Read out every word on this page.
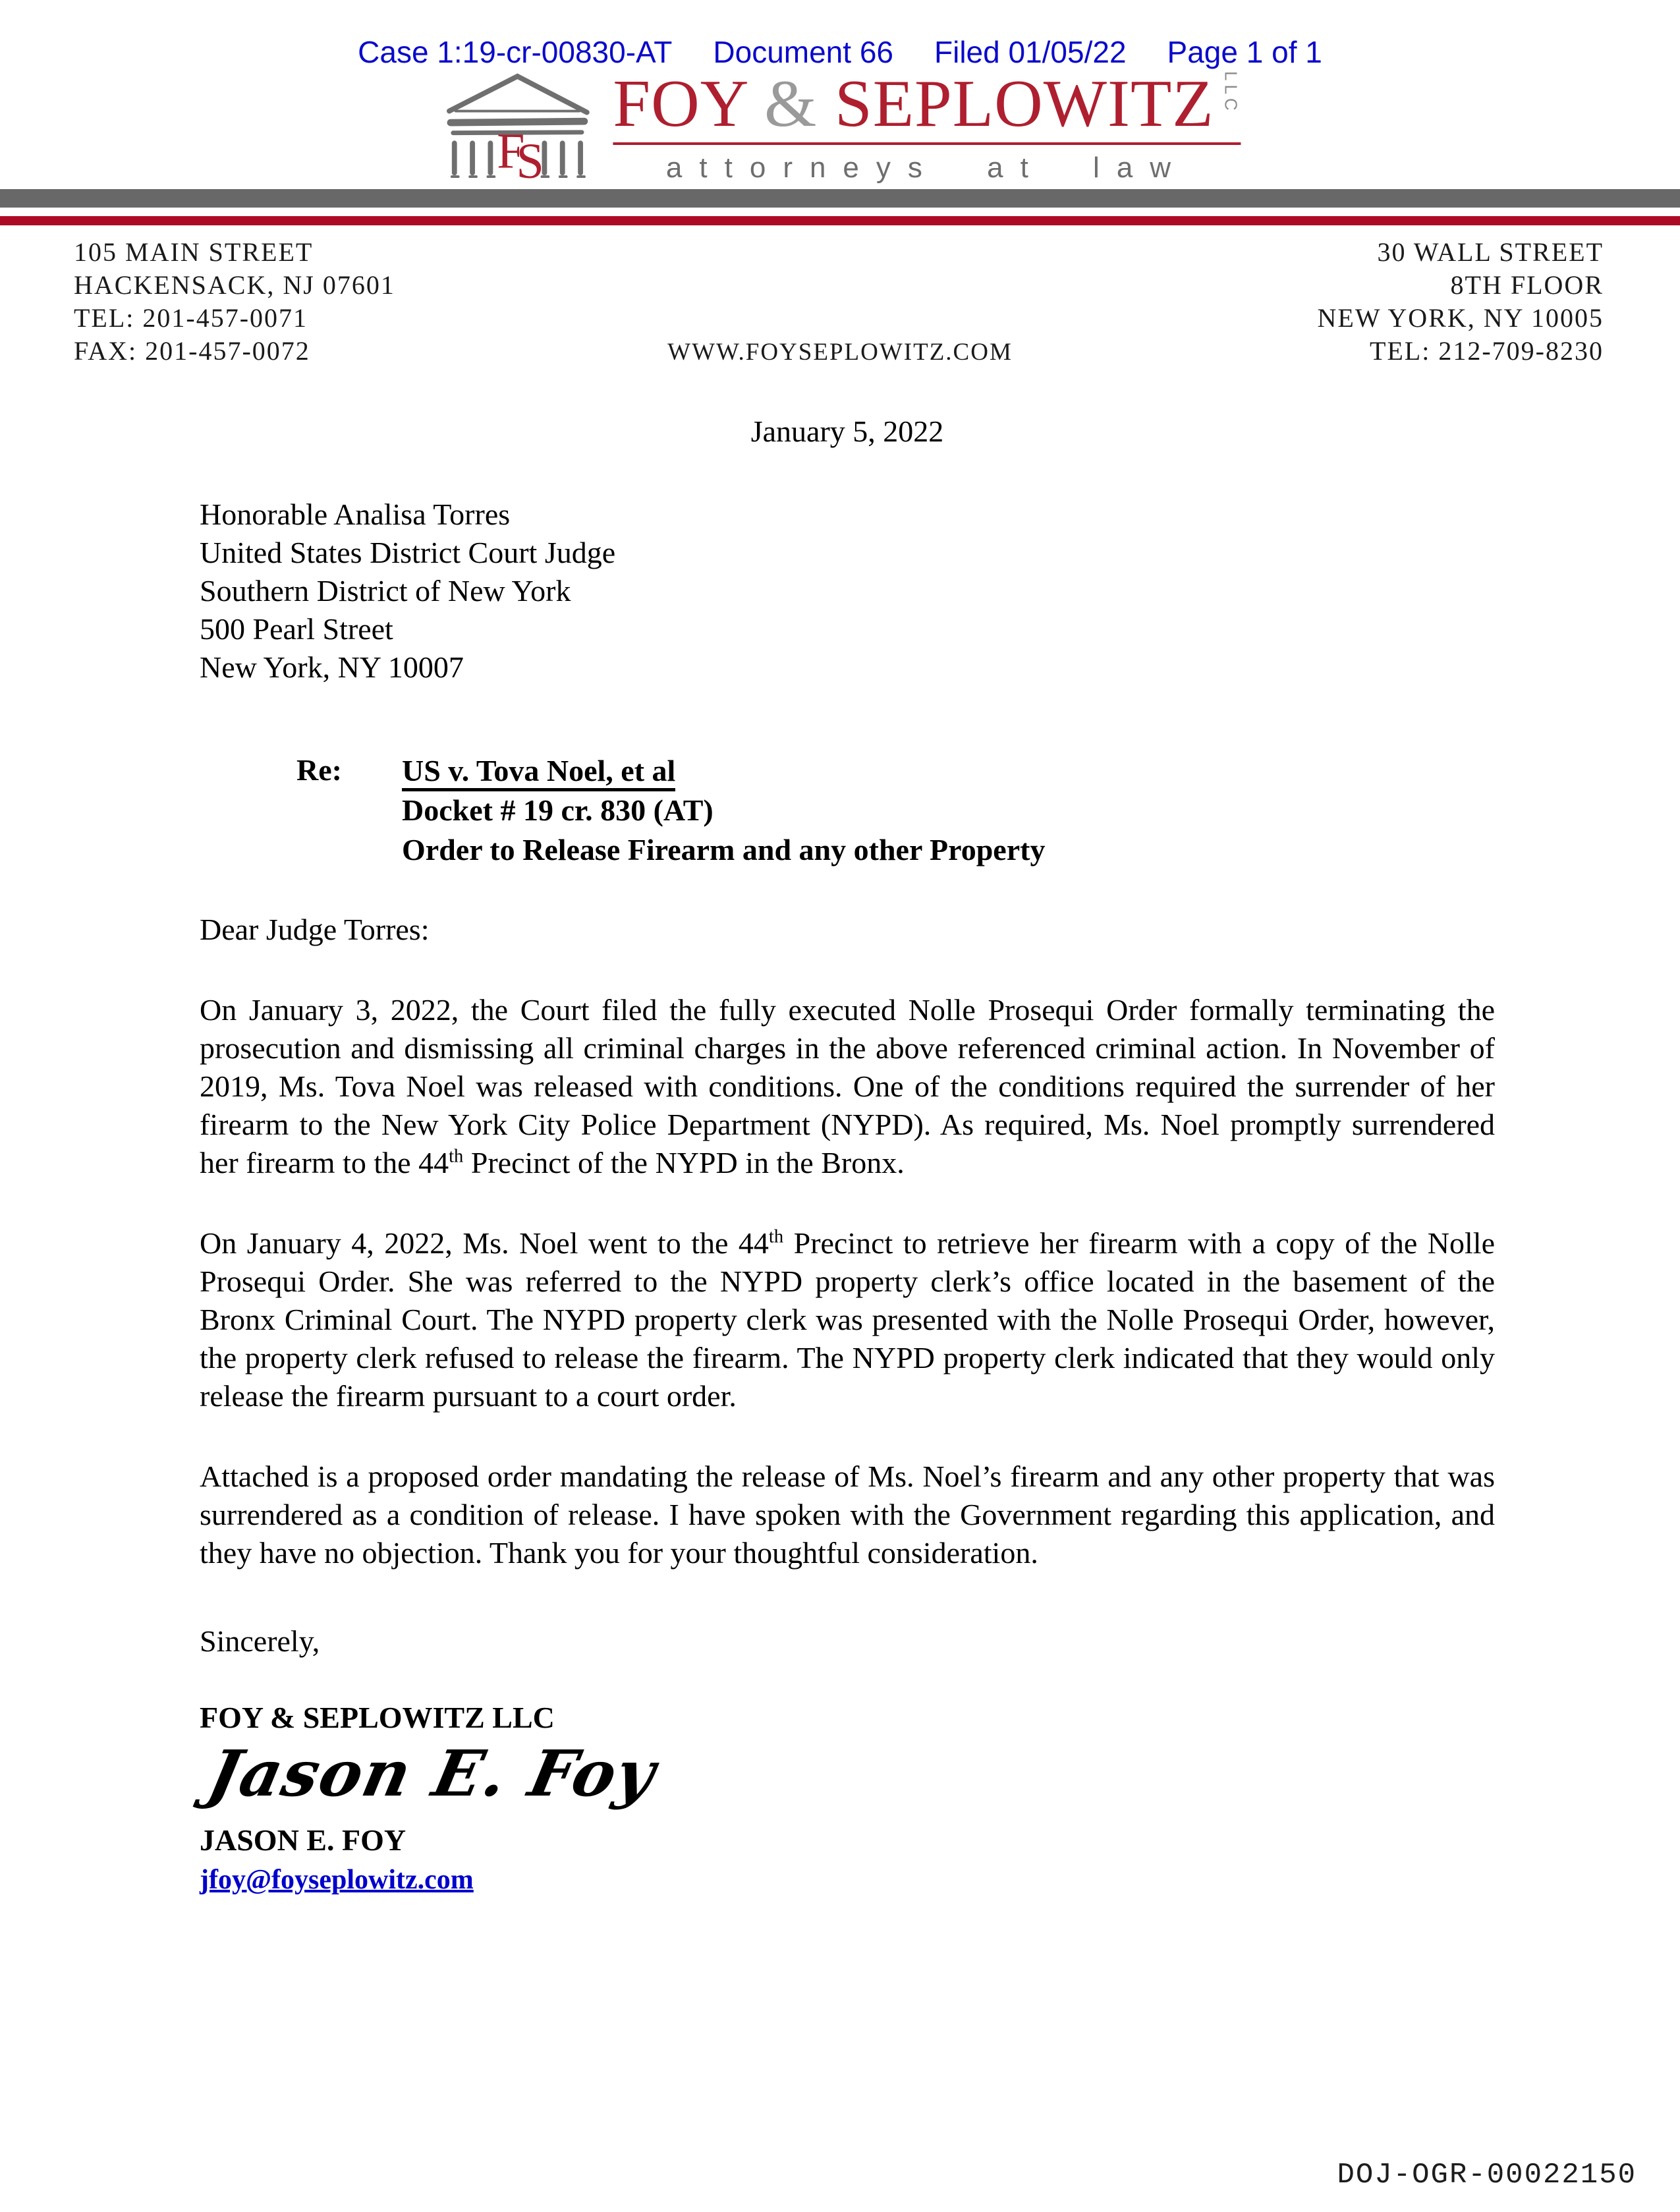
Case 1:19-cr-00830-AT Document 66 Filed 01/05/22 Page 1 of 1
F
S
FOY & SEPLOWITZ LLC
attorneys at law
105 MAIN STREET
HACKENSACK, NJ 07601
TEL: 201-457-0071
FAX: 201-457-0072	WWW.FOYSEPLOWITZ.COM
30 WALL STREET
8TH FLOOR
NEW YORK, NY 10005
TEL: 212-709-8230
January 5, 2022
Honorable Analisa Torres
United States District Court Judge
Southern District of New York
500 Pearl Street
New York, NY 10007
Re:	US v. Tova Noel, et al
Docket # 19 cr. 830 (AT)
Order to Release Firearm and any other Property
Dear Judge Torres:
On January 3, 2022, the Court filed the fully executed Nolle Prosequi Order formally terminating the prosecution and dismissing all criminal charges in the above referenced criminal action. In November of 2019, Ms. Tova Noel was released with conditions. One of the conditions required the surrender of her firearm to the New York City Police Department (NYPD). As required, Ms. Noel promptly surrendered her firearm to the 44th Precinct of the NYPD in the Bronx.
On January 4, 2022, Ms. Noel went to the 44th Precinct to retrieve her firearm with a copy of the Nolle Prosequi Order. She was referred to the NYPD property clerk’s office located in the basement of the Bronx Criminal Court. The NYPD property clerk was presented with the Nolle Prosequi Order, however, the property clerk refused to release the firearm. The NYPD property clerk indicated that they would only release the firearm pursuant to a court order.
Attached is a proposed order mandating the release of Ms. Noel’s firearm and any other property that was surrendered as a condition of release. I have spoken with the Government regarding this application, and they have no objection. Thank you for your thoughtful consideration.
Sincerely,
FOY & SEPLOWITZ LLC
Jason E. Foy
JASON E. FOY
jfoy@foyseplowitz.com
DOJ-OGR-00022150
